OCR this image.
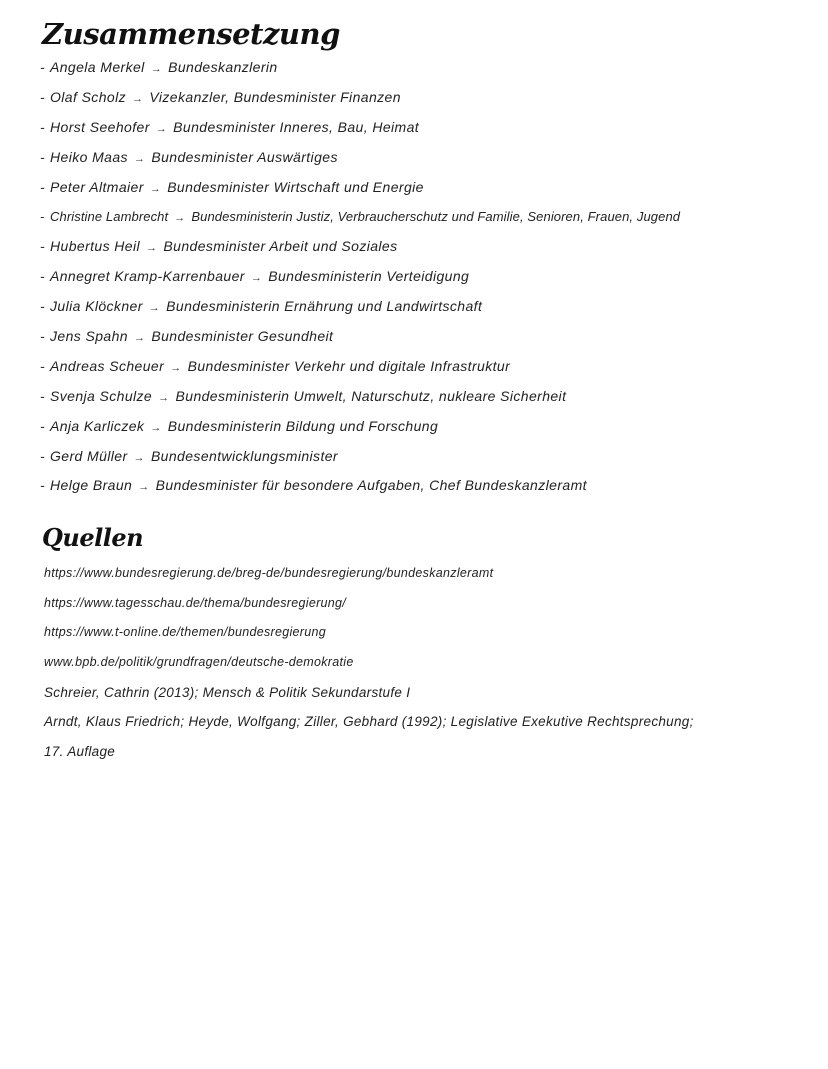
Zusammensetzung
- Angela Merkel → Bundeskanzlerin
- Olaf Scholz → Vizekanzler, Bundesminister Finanzen
- Horst Seehofer → Bundesminister Inneres, Bau, Heimat
- Heiko Maas → Bundesminister Auswärtiges
- Peter Altmaier → Bundesminister Wirtschaft und Energie
- Christine Lambrecht → Bundesministerin Justiz, Verbraucherschutz und Familie, Senioren, Frauen, Jugend
- Hubertus Heil → Bundesminister Arbeit und Soziales
- Annegret Kramp-Karrenbauer → Bundesministerin Verteidigung
- Julia Klöckner → Bundesministerin Ernährung und Landwirtschaft
- Jens Spahn → Bundesminister Gesundheit
- Andreas Scheuer → Bundesminister Verkehr und digitale Infrastruktur
- Svenja Schulze → Bundesministerin Umwelt, Naturschutz, nukleare Sicherheit
- Anja Karliczek → Bundesministerin Bildung und Forschung
- Gerd Müller → Bundesentwicklungsminister
- Helge Braun → Bundesminister für besondere Aufgaben, Chef Bundeskanzleramt
Quellen
https://www.bundesregierung.de/breg-de/bundesregierung/bundeskanzleramt
https://www.tagesschau.de/thema/bundesregierung/
https://www.t-online.de/themen/bundesregierung
www.bpb.de/politik/grundfragen/deutsche-demokratie
Schreier, Cathrin (2013); Mensch & Politik Sekundarstufe I
Arndt, Klaus Friedrich; Heyde, Wolfgang; Ziller, Gebhard (1992); Legislative Exekutive Rechtsprechung;
17. Auflage
